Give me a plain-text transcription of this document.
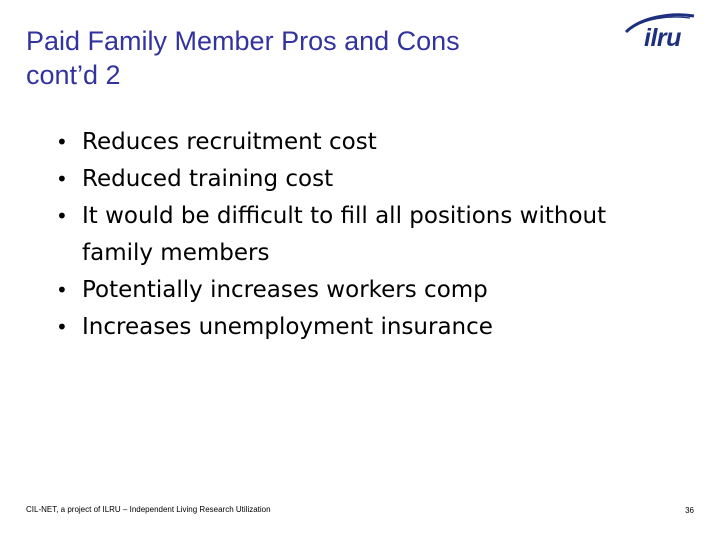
Paid Family Member Pros and Cons
cont’d 2
ilru
• Reduces recruitment cost
• Reduced training cost
• It would be difficult to fill all positions without family members
• Potentially increases workers comp
• Increases unemployment insurance
CIL-NET, a project of ILRU – Independent Living Research Utilization	36
